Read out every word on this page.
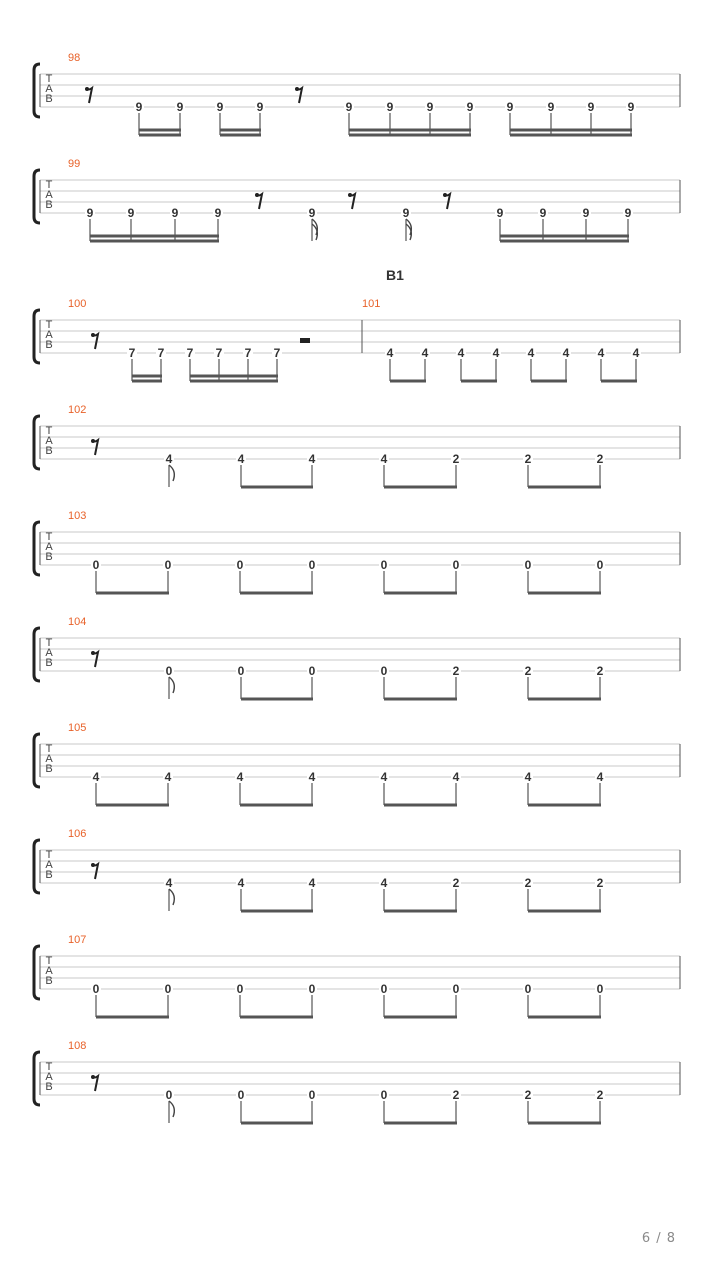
T
A
B
98
9	9	9	9	9	9	9	9	9	9	9	9
T
A
B
99
9	9	9	9	9	9	9	9	9	9
T
A
B
B1
100
7 7 7 7 7 7
101
4 4 4 4 4 4 4 4
T
A
B
102
4	4	4	4	2	2	2
T
A
B
103
0	0	0	0	0	0	0	0
T
A
B
104
0	0	0	0	2	2	2
T
A
B
105
4	4	4	4	4	4	4	4
T
A
B
106
4	4	4	4	2	2	2
T
A
B
107
0	0	0	0	0	0	0	0
T
A
B
108
0	0	0	0	2	2	2
6 / 8
